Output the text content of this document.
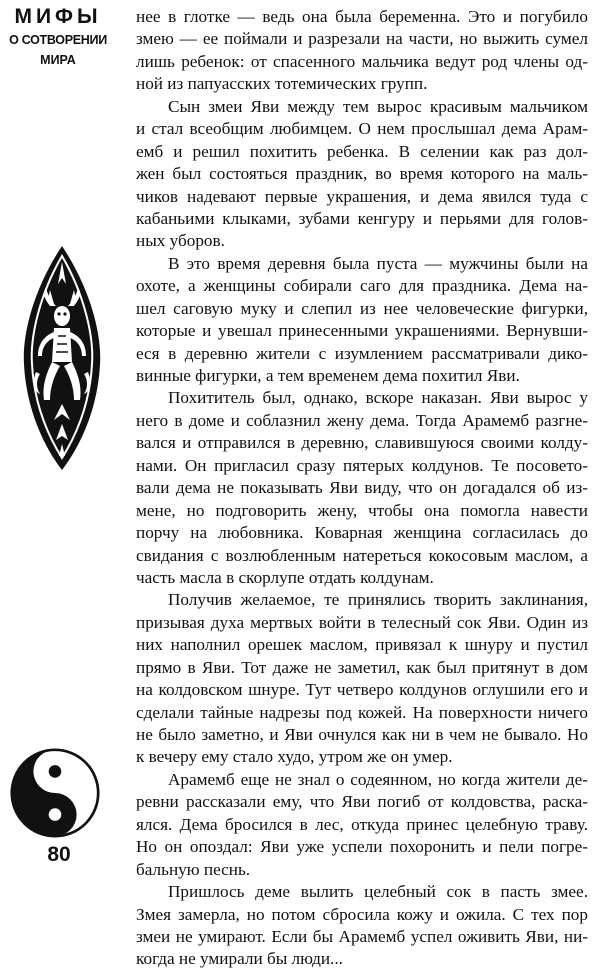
МИФЫ
О СОТВОРЕНИИ
МИРА
80
нее в глотке — ведь она была беременна. Это и погубило
змею — ее поймали и разрезали на части, но выжить сумел
лишь ребенок: от спасенного мальчика ведут род члены од-
ной из папуасских тотемических групп.
Сын змеи Яви между тем вырос красивым мальчиком
и стал всеобщим любимцем. О нем прослышал дема Арам-
емб и решил похитить ребенка. В селении как раз дол-
жен был состояться праздник, во время которого на маль-
чиков надевают первые украшения, и дема явился туда с
кабаньими клыками, зубами кенгуру и перьями для голов-
ных уборов.
В это время деревня была пуста — мужчины были на
охоте, а женщины собирали саго для праздника. Дема на-
шел саговую муку и слепил из нее человеческие фигурки,
которые и увешал принесенными украшениями. Вернувши-
еся в деревню жители с изумлением рассматривали дико-
винные фигурки, а тем временем дема похитил Яви.
Похититель был, однако, вскоре наказан. Яви вырос у
него в доме и соблазнил жену дема. Тогда Арамемб разгне-
вался и отправился в деревню, славившуюся своими колду-
нами. Он пригласил сразу пятерых колдунов. Те посовето-
вали дема не показывать Яви виду, что он догадался об из-
мене, но подговорить жену, чтобы она помогла навести
порчу на любовника. Коварная женщина согласилась до
свидания с возлюбленным натереться кокосовым маслом, а
часть масла в скорлупе отдать колдунам.
Получив желаемое, те принялись творить заклинания,
призывая духа мертвых войти в телесный сок Яви. Один из
них наполнил орешек маслом, привязал к шнуру и пустил
прямо в Яви. Тот даже не заметил, как был притянут в дом
на колдовском шнуре. Тут четверо колдунов оглушили его и
сделали тайные надрезы под кожей. На поверхности ничего
не было заметно, и Яви очнулся как ни в чем не бывало. Но
к вечеру ему стало худо, утром же он умер.
Арамемб еще не знал о содеянном, но когда жители де-
ревни рассказали ему, что Яви погиб от колдовства, раска-
ялся. Дема бросился в лес, откуда принес целебную траву.
Но он опоздал: Яви уже успели похоронить и пели погре-
бальную песнь.
Пришлось деме вылить целебный сок в пасть змее.
Змея замерла, но потом сбросила кожу и ожила. С тех пор
змеи не умирают. Если бы Арамемб успел оживить Яви, ни-
когда не умирали бы люди...
